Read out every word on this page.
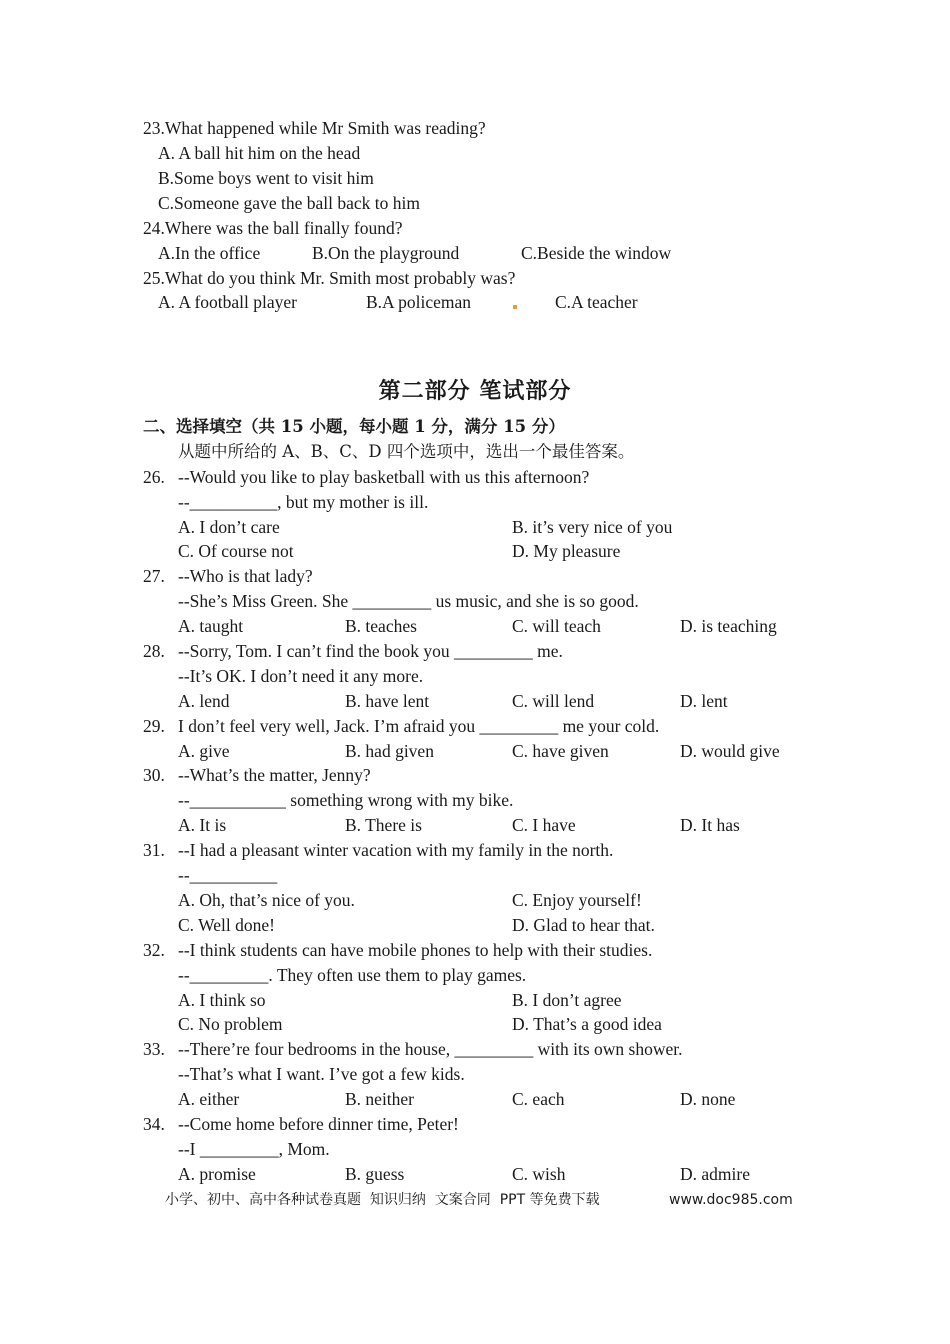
23.What happened while Mr Smith was reading?
A. A ball hit him on the head
B.Some boys went to visit him
C.Someone gave the ball back to him
24.Where was the ball finally found?
A.In the office	B.On the playground	C.Beside the window
25.What do you think Mr. Smith most probably was?
A. A football player	B.A policeman	C.A teacher
第二部分 笔试部分
二、选择填空（共 15 小题，每小题 1 分，满分 15 分）
从题中所给的 A、B、C、D 四个选项中，选出一个最佳答案。
26. --Would you like to play basketball with us this afternoon?
--__________, but my mother is ill.
A. I don’t care	B. it’s very nice of you
C. Of course not	D. My pleasure
27. --Who is that lady?
--She’s Miss Green. She _________ us music, and she is so good.
A. taught	B. teaches	C. will teach	D. is teaching
28. --Sorry, Tom. I can’t find the book you _________ me.
--It’s OK. I don’t need it any more.
A. lend	B. have lent	C. will lend	D. lent
29. I don’t feel very well, Jack. I’m afraid you _________ me your cold.
A. give	B. had given	C. have given	D. would give
30. --What’s the matter, Jenny?
--___________ something wrong with my bike.
A. It is	B. There is	C. I have	D. It has
31. --I had a pleasant winter vacation with my family in the north.
--__________
A. Oh, that’s nice of you.	C. Enjoy yourself!
C. Well done!	D. Glad to hear that.
32. --I think students can have mobile phones to help with their studies.
--_________. They often use them to play games.
A. I think so	B. I don’t agree
C. No problem	D. That’s a good idea
33. --There’re four bedrooms in the house, _________ with its own shower.
--That’s what I want. I’ve got a few kids.
A. either	B. neither	C. each	D. none
34. --Come home before dinner time, Peter!
--I _________, Mom.
A. promise	B. guess	C. wish	D. admire
小学、初中、高中各种试卷真题  知识归纳  文案合同  PPT 等免费下载	www.doc985.com
